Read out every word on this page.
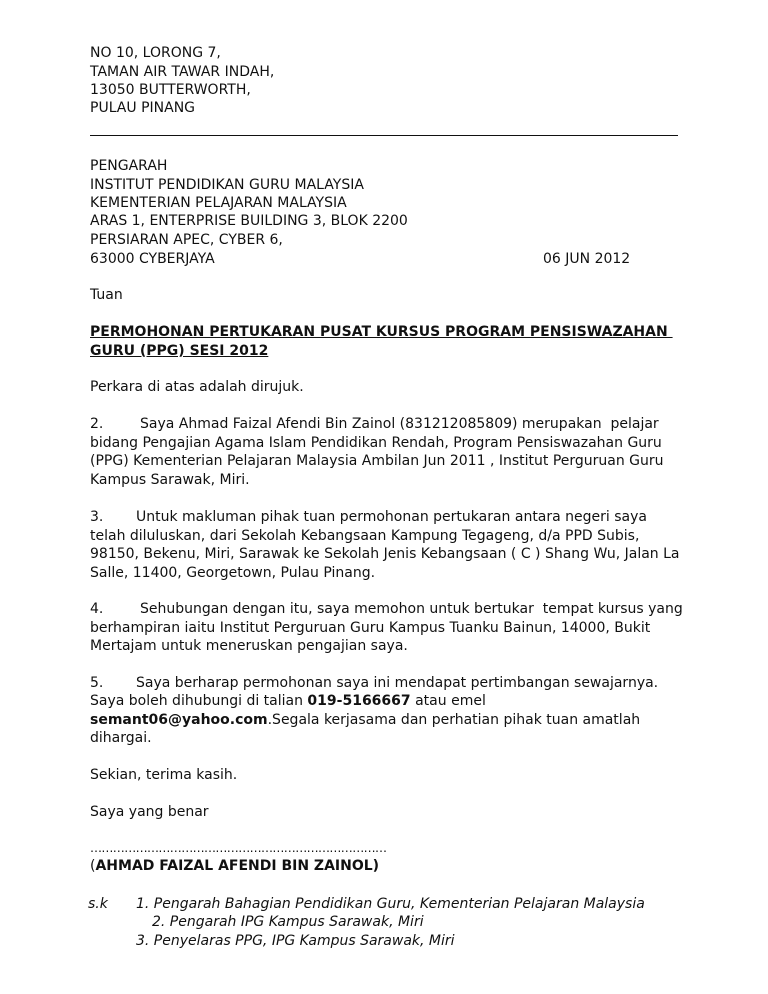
NO 10, LORONG 7,
TAMAN AIR TAWAR INDAH,
13050 BUTTERWORTH,
PULAU PINANG
PENGARAH
INSTITUT PENDIDIKAN GURU MALAYSIA
KEMENTERIAN PELAJARAN MALAYSIA
ARAS 1, ENTERPRISE BUILDING 3, BLOK 2200
PERSIARAN APEC, CYBER 6,
63000 CYBERJAYA	06 JUN 2012
Tuan
PERMOHONAN PERTUKARAN PUSAT KURSUS PROGRAM PENSISWAZAHAN
GURU (PPG) SESI 2012
Perkara di atas adalah dirujuk.
2.	Saya Ahmad Faizal Afendi Bin Zainol (831212085809) merupakan  pelajar
bidang Pengajian Agama Islam Pendidikan Rendah, Program Pensiswazahan Guru
(PPG) Kementerian Pelajaran Malaysia Ambilan Jun 2011 , Institut Perguruan Guru
Kampus Sarawak, Miri.
3. Untuk makluman pihak tuan permohonan pertukaran antara negeri saya
telah diluluskan, dari Sekolah Kebangsaan Kampung Tegageng, d/a PPD Subis,
98150, Bekenu, Miri, Sarawak ke Sekolah Jenis Kebangsaan ( C ) Shang Wu, Jalan La
Salle, 11400, Georgetown, Pulau Pinang.
4.	Sehubungan dengan itu, saya memohon untuk bertukar  tempat kursus yang
berhampiran iaitu Institut Perguruan Guru Kampus Tuanku Bainun, 14000, Bukit
Mertajam untuk meneruskan pengajian saya.
5. Saya berharap permohonan saya ini mendapat pertimbangan sewajarnya.
Saya boleh dihubungi di talian 019-5166667 atau emel
semant06@yahoo.com.Segala kerjasama dan perhatian pihak tuan amatlah
dihargai.
Sekian, terima kasih.
Saya yang benar
……………………………………………………………………
(AHMAD FAIZAL AFENDI BIN ZAINOL)
s.k 1. Pengarah Bahagian Pendidikan Guru, Kementerian Pelajaran Malaysia
2. Pengarah IPG Kampus Sarawak, Miri
3. Penyelaras PPG, IPG Kampus Sarawak, Miri
